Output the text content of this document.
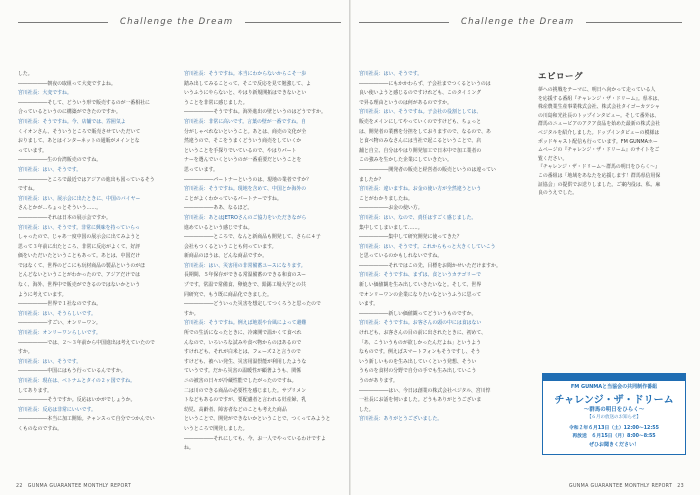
Challenge the Dream
した。
――――――朝夜の取組って大変ですよね。
宮川社長：大変ですね。
――――――そして、どういう形で販売するのが一番相社に
合っているというのに構築ができたのですか。
宮川社長：そうですね。今、店舗では、雰囲気よ
くイオンさん、そういうところで販売させていただいて
おりまして、あとはインターネットの通販がメインとな
っています。
――――――生の台湾販売のですね。
宮川社長：はい、そうです。
――――――ところで最近ではアジアの進出も図っているそう
ですね。
宮川社長：はい、展示会に出たときに、中国のバイヤー
さんとかが…ちょっとそういう……。
――――――それは日本の展示会ですか。
宮川社長：はい、そうです。非常に興味を持っていらっ
しゃったので、じゃあ一度中国の展示会に出てみようと
思って３年前に出たところ、非常に反応がよくて、好評
価をいただいたということもあって。あとは、中国だけ
ではなくて、世界のどこにも玩材商品の製品というのがほ
とんどないということがわかったので、アジアだけでは
なく、海外、世界中で販売ができるのではないかという
ように考えています。
――――――世界で１社なのですね。
宮川社長：はい、そうらしいです。
――――――すごい、オンリーワン。
宮川社長：オンリーワンらしいです。
――――――では、２～３年前から中国進出は考えていたので
すか。
宮川社長：はい、そうです。
――――――中国にはもう行っているんですか。
宮川社長：現在は、ベトナムとタイの２ヶ国ですね。
してあります。
――――――そうですか。反応はいかがでしょうか。
宮川社長：反応は非常にいいです。
――――――本当に加工開始。チャンスって自分でつかんでい
くものなのですね。
宮川社長：そうですね。本当にわからないからこそ一歩
踏み出してみることって、そこで反応を見て勉強して、よ
いうふうにやらないと、やはり新規開拓はできないとい
うことを非常に感じました。
――――――そうですね。海外進出の壁というのはどうですか。
宮川社長：非常に高いです。言葉の壁が一番ですね。自
分がしゃべれないということ。あとは、商売の文化が全
然違うので、そこをうまくどういう商売をしていくか
ということを手探りでいているので、やはりパート
ナーを選んでいくというのが一番重要だということを
思っています。
――――――パートナーというのは、現地の業者ですか？
宮川社長：そうですね。現地を含めて、中国とか海外の
ことがよくわかっているパートナーですね。
――――――ああ、なるほど。
宮川社長：あとはJETROさんのご協力をいただきながら
進めているという感じですね。
――――――ところで、なんと新商品も開発して、さらに４子
会社もつくるということも伺っています。
新商品のほうは、どんな商品ですか。
宮川社長：はい、災害用の非常備蓄ユースになります。
長期間、５年保存ができる常温備蓄のできる和食のスー
プです。常温で常備食、卵焼きで、鉛錫工場大学との共
同研究で、もう既に商品化できました。
――――――どういった災害を想定してつくろうと思ったので
すか。
宮川社長：そうですね。例えば地震や台風によって避難
所での生活になったときに、冷凍開で温かくて食べれ
んなので、いろいろな試みや食べ物からのほあるので
すけれども、それが白米とは、フェーズ２と言うので
すけども、被へい発生、災害用温摂能が利用したような
ていうです。だから災害の温暖性が顧著ようも、関係
ニの被害の日々が冷蔵性能でしたがったのですね。
二は川のできる商品の必要性を感じました。サプリメン
トなどもあるのですが、要配慮者と言われる妊産婦、乳
幼児、高齢者、障害者などのことも考えた商品
ということで、開発ができないかということで、つくってみようと
いうところで開発しました。
――――――それにしても、今、お一人でやっているわけですよ
ね。
22　GUNMA GUARANTEE MONTHLY REPORT
Challenge the Dream
宮川社長：はい、そうです。
――――――にもかかわらず、子会社までつくるというのは
良い使いようと感じるのですけれども、このタイミング
で昇る理由というのは何があるのですか。
宮川社長：はい、そうですね。子会社の役割としては、
販売をメインにしてやっていくのですけども、ちょっと
は、開発者の業務を分担をしておりますので、なるので、あ
と食べ物のみなさんには当社で起こるということで、店
舗と自立、自分はやはり開発加工で日本中で加工業者の
この強みを生かした企業にしていきたい。
――――――開発者の販売と経営者の販売というのは違ってい
ましたか？
宮川社長：違いますね。お金の使い方が全然違うという
ことがわかりましたね。
――――――お金の使い方。
宮川社長：はい、なので、責任はすごく感じました。
集中してしまいまして……。
――――――集中して研究開発に使ってきた？
宮川社長：はい、そうです。これからもっと大きくしていこう
と思っているのかもしれないですね。
――――――それではこの先、目標をお聞かせいただけますか。
宮川社長：そうですね、まずは、食というカテゴリーで
新しい価値観を生み出していきたいなと。そして、世界
でオンリーワンの企業になりたいなというふうに思って
います。
――――――新しい価値観ってどういうものですか。
宮川社長：そうですね。お客さんの頭の中には食はない
けれども、お客さんの目の前に出されたときに、初めて、
「あ、こういうものが欲しかったんだよね」というよう
なものです。例えばスマートフォンもそうですし、そう
いう新しいものを生み出していくという発想、そうい
うものを食材の分野で自分の手でも生み出していこう
うのがあります。
――――――はい、今日は創業の株式会社ペジタル、宮川惇
一社長にお話を伺いました。どうもありがとうございま
した。
宮川社長：ありがとうございました。
エピローグ
夢への挑戦をテーマに、明日へ向かって走っている人
を応援する番組『チャレンジ・ザ・ドリーム』。県本は、
株産農業生産事業株式会社、株式会社タイゴーカツシャ
の川島和光社長のトップインタビュー。そして番外は、
群馬のニュービアのアクア食品を始めた最新の株式会社
ベジタルを紹介しました。ドップインタビューの模様は
ポッドキャスト配信も行っています。FM GUNMAホー
ムページの『チャレンジ・ザ・ドリーム』のサイトをご
覧ください。
『チャレンジ・ザ・ドリーム～群馬の明日をひらく～』
この番組は「地域をあなたを応援します！群馬県信用保
証協会」の提供でお送りしました。ご案内役は、私、麻
良のうえでした。
FM GUNMAと当協会の共同制作番組
チャレンジ・ザ・ドリーム
～群馬の明日をひらく～
【６月の放送のお知らせ】
令和２年６月13日（土）12:00～12:55
再放送　６月15日（月）8:00～8:55
ぜひお聞きください！
GUNMA GUARANTEE MONTHLY REPORT　23
